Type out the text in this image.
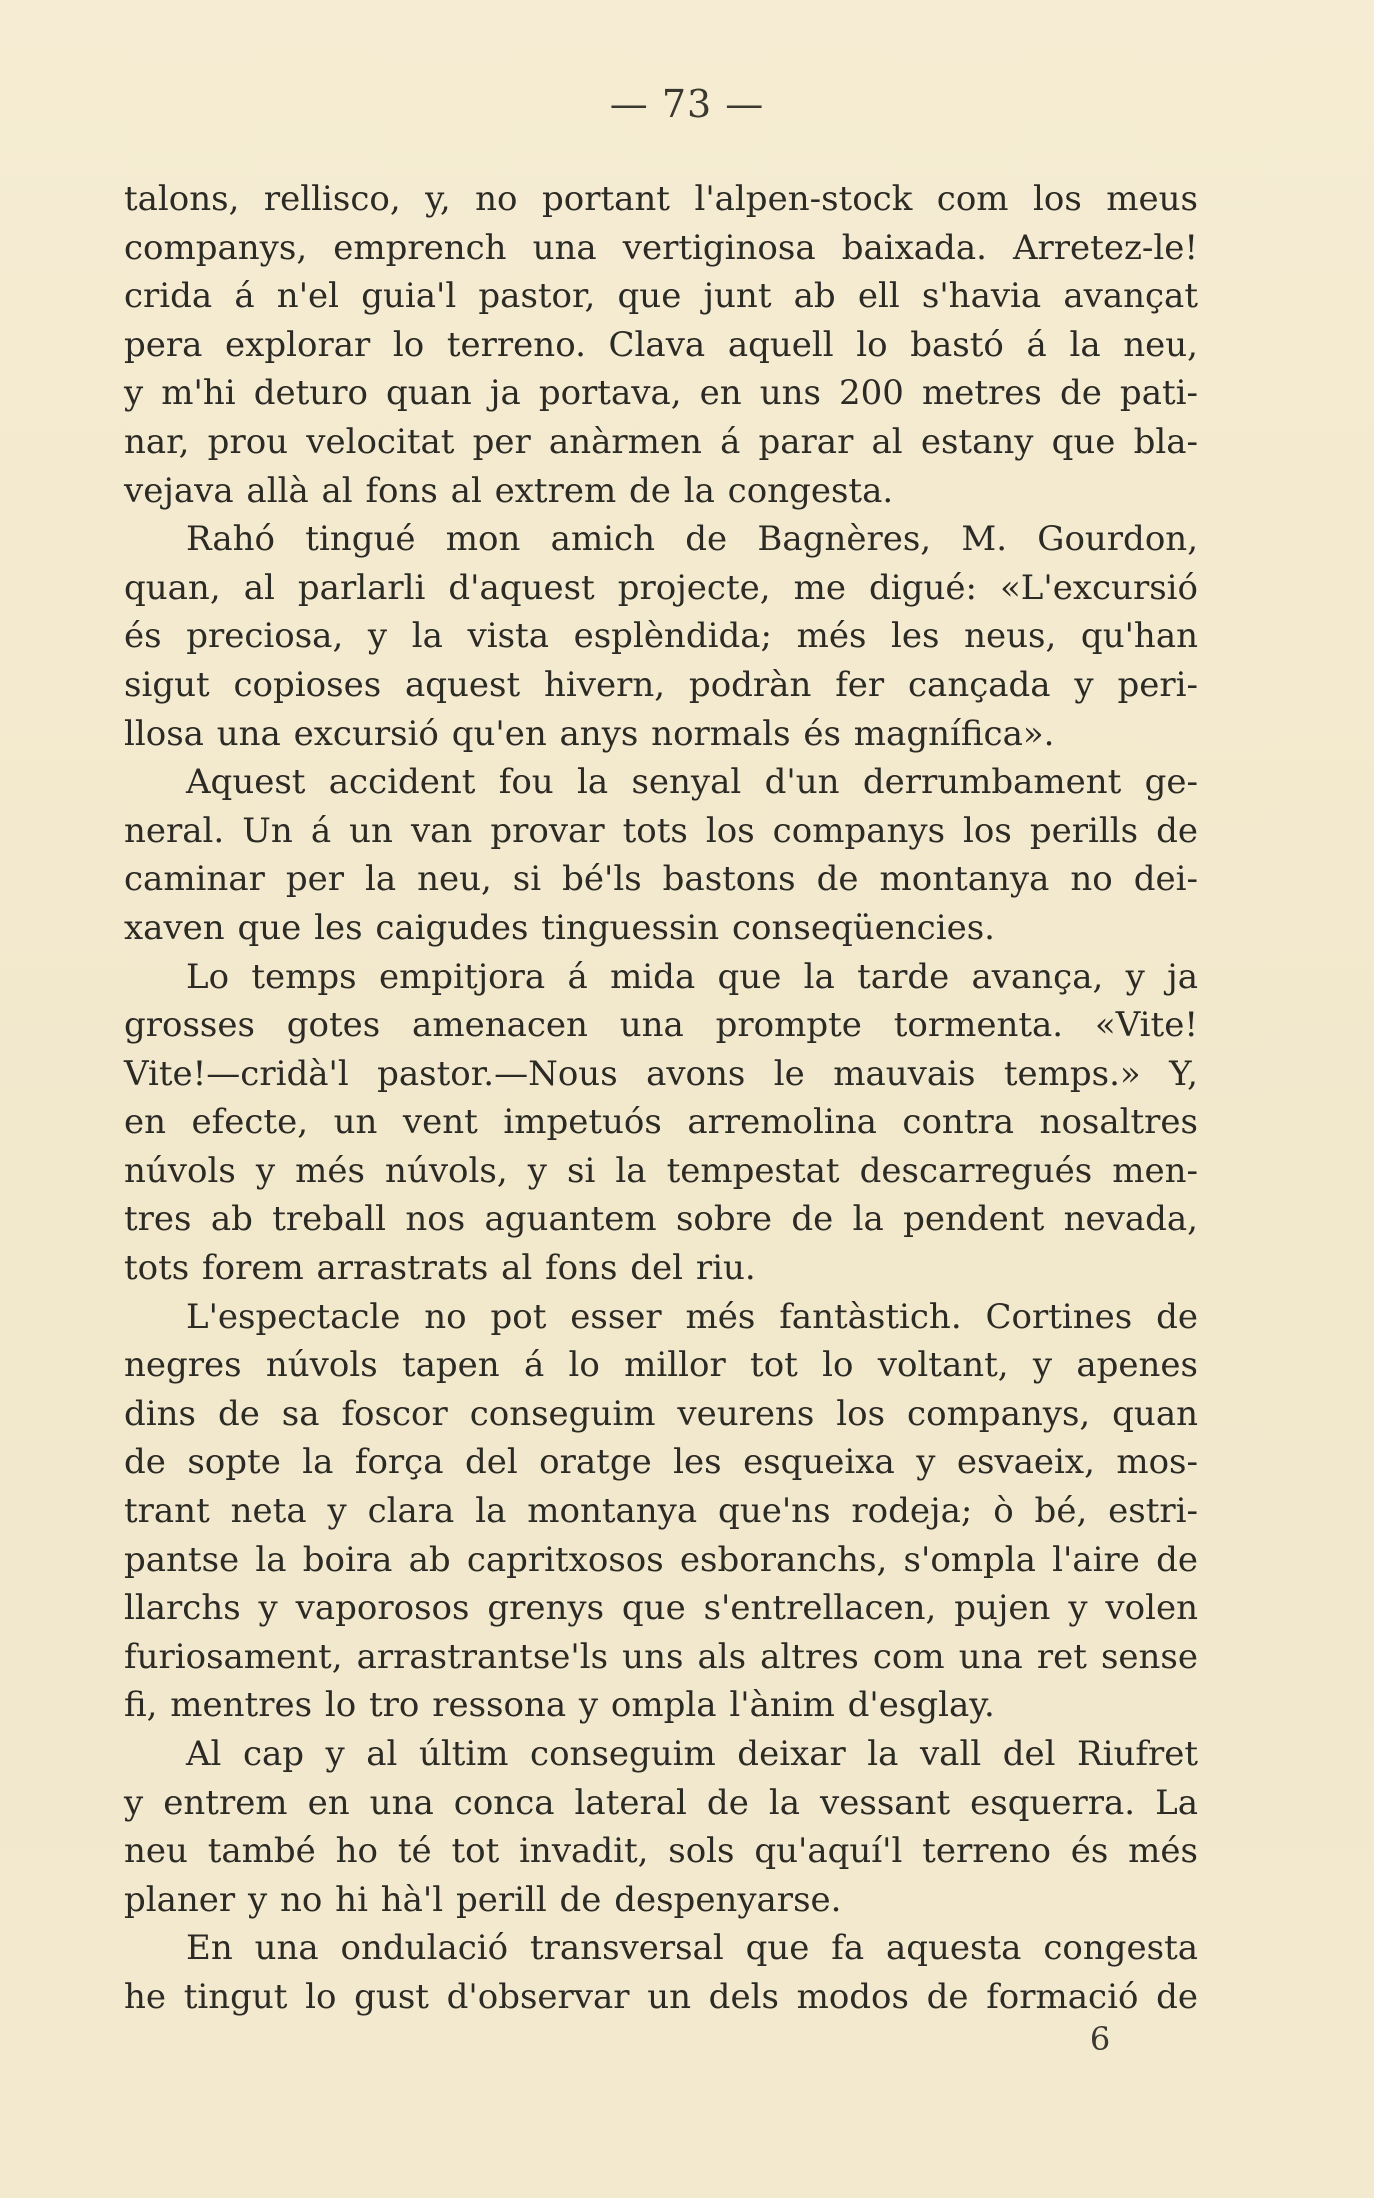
— 73 —

talons, rellisco, y, no portant l'alpen-stock com los meus

companys, emprench una vertiginosa baixada. Arretez-le!

crida á n'el guia'l pastor, que junt ab ell s'havia avançat

pera explorar lo terreno. Clava aquell lo bastó á la neu,

y m'hi deturo quan ja portava, en uns 200 metres de pati-

nar, prou velocitat per anàrmen á parar al estany que bla-

vejava allà al fons al extrem de la congesta.

Rahó tingué mon amich de Bagnères, M. Gourdon,

quan, al parlarli d'aquest projecte, me digué: «L'excursió

és preciosa, y la vista esplèndida; més les neus, qu'han

sigut copioses aquest hivern, podràn fer cançada y peri-

llosa una excursió qu'en anys normals és magnífica».

Aquest accident fou la senyal d'un derrumbament ge-

neral. Un á un van provar tots los companys los perills de

caminar per la neu, si bé'ls bastons de montanya no dei-

xaven que les caigudes tinguessin conseqüencies.

Lo temps empitjora á mida que la tarde avança, y ja

grosses gotes amenacen una prompte tormenta. «Vite!

Vite!—cridà'l pastor.—Nous avons le mauvais temps.» Y,

en efecte, un vent impetuós arremolina contra nosaltres

núvols y més núvols, y si la tempestat descarregués men-

tres ab treball nos aguantem sobre de la pendent nevada,

tots forem arrastrats al fons del riu.

L'espectacle no pot esser més fantàstich. Cortines de

negres núvols tapen á lo millor tot lo voltant, y apenes

dins de sa foscor conseguim veurens los companys, quan

de sopte la força del oratge les esqueixa y esvaeix, mos-

trant neta y clara la montanya que'ns rodeja; ò bé, estri-

pantse la boira ab capritxosos esboranchs, s'ompla l'aire de

llarchs y vaporosos grenys que s'entrellacen, pujen y volen

furiosament, arrastrantse'ls uns als altres com una ret sense

fi, mentres lo tro ressona y ompla l'ànim d'esglay.

Al cap y al últim conseguim deixar la vall del Riufret

y entrem en una conca lateral de la vessant esquerra. La

neu també ho té tot invadit, sols qu'aquí'l terreno és més

planer y no hi hà'l perill de despenyarse.

En una ondulació transversal que fa aquesta congesta

he tingut lo gust d'observar un dels modos de formació de

6
